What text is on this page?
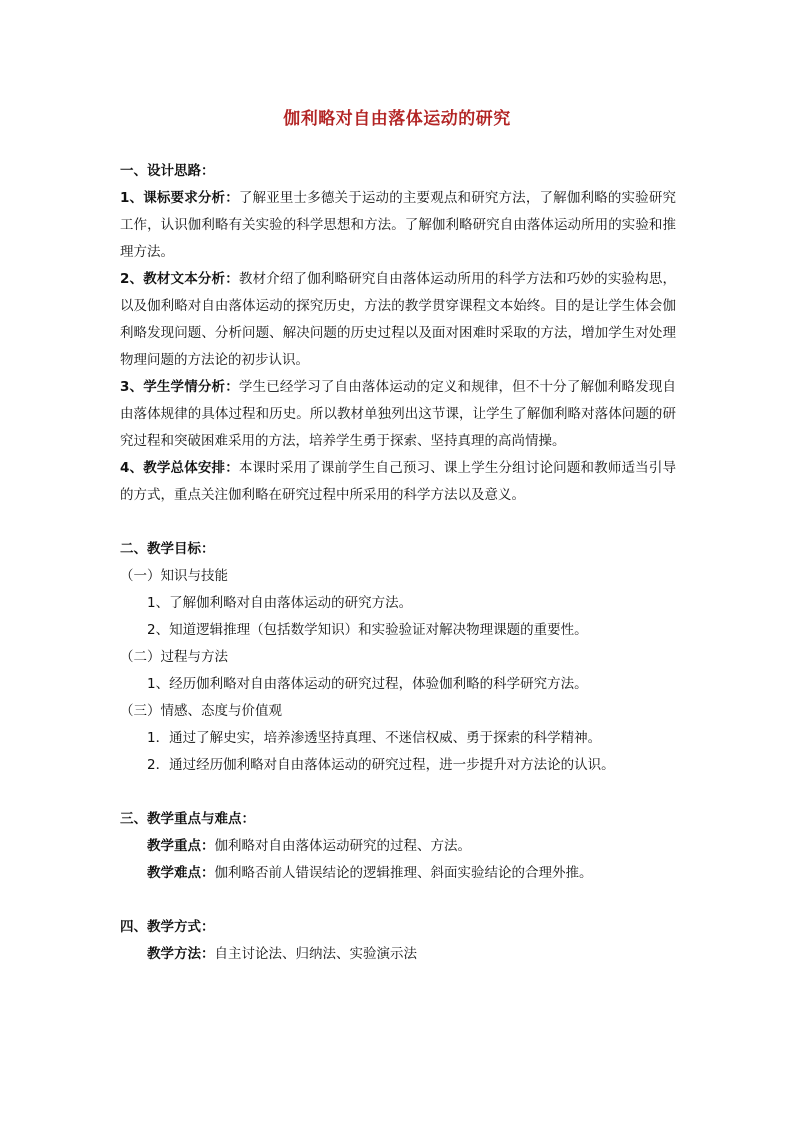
伽利略对自由落体运动的研究

一、设计思路：

1、课标要求分析：了解亚里士多德关于运动的主要观点和研究方法，了解伽利略的实验研究工作，认识伽利略有关实验的科学思想和方法。了解伽利略研究自由落体运动所用的实验和推理方法。

2、教材文本分析：教材介绍了伽利略研究自由落体运动所用的科学方法和巧妙的实验构思，以及伽利略对自由落体运动的探究历史，方法的教学贯穿课程文本始终。目的是让学生体会伽利略发现问题、分析问题、解决问题的历史过程以及面对困难时采取的方法，增加学生对处理物理问题的方法论的初步认识。

3、学生学情分析：学生已经学习了自由落体运动的定义和规律，但不十分了解伽利略发现自由落体规律的具体过程和历史。所以教材单独列出这节课，让学生了解伽利略对落体问题的研究过程和突破困难采用的方法，培养学生勇于探索、坚持真理的高尚情操。

4、教学总体安排：本课时采用了课前学生自己预习、课上学生分组讨论问题和教师适当引导的方式，重点关注伽利略在研究过程中所采用的科学方法以及意义。

二、教学目标：

（一）知识与技能

1、了解伽利略对自由落体运动的研究方法。

2、知道逻辑推理（包括数学知识）和实验验证对解决物理课题的重要性。

（二）过程与方法

1、经历伽利略对自由落体运动的研究过程，体验伽利略的科学研究方法。

（三）情感、态度与价值观

1．通过了解史实，培养渗透坚持真理、不迷信权威、勇于探索的科学精神。

2．通过经历伽利略对自由落体运动的研究过程，进一步提升对方法论的认识。

三、教学重点与难点：

教学重点：伽利略对自由落体运动研究的过程、方法。

教学难点：伽利略否前人错误结论的逻辑推理、斜面实验结论的合理外推。

四、教学方式：

教学方法：自主讨论法、归纳法、实验演示法
